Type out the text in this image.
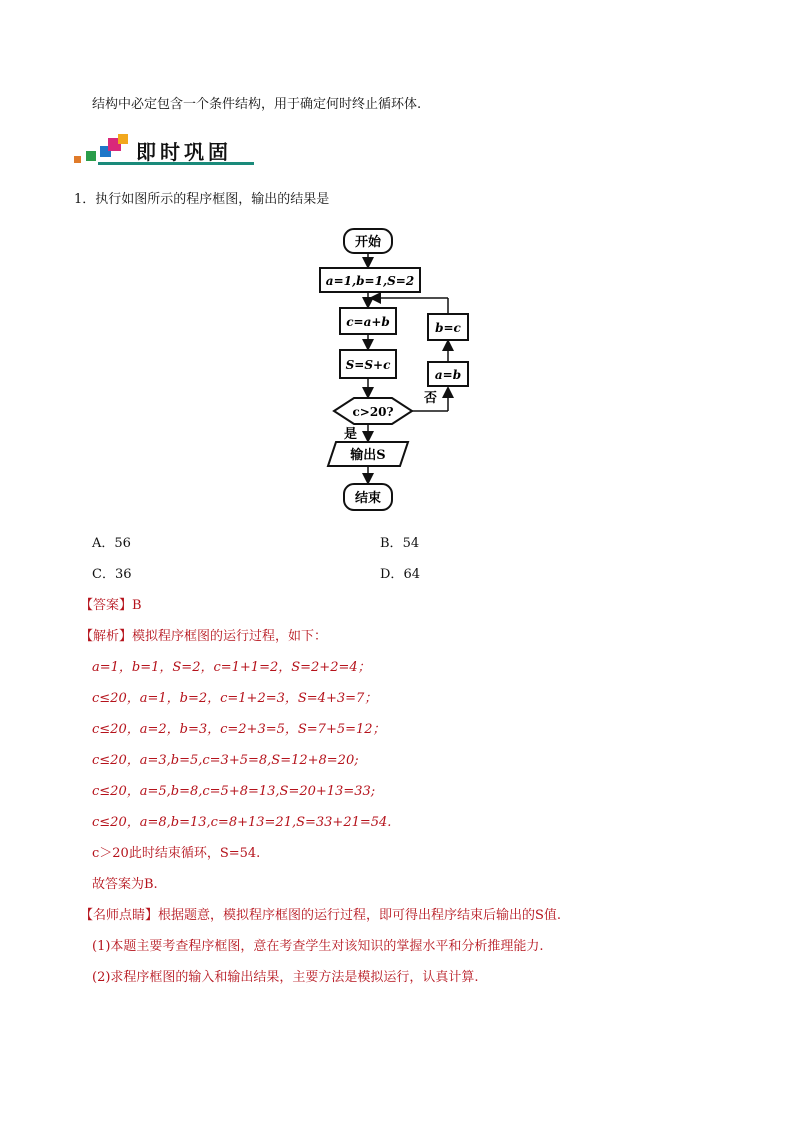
结构中必定包含一个条件结构，用于确定何时终止循环体.
即时巩固
1．执行如图所示的程序框图，输出的结果是
开始
a=1,b=1,S=2
c=a+b
S=S+c
c>20?
是
输出S
结束
否
a=b
b=c
A．56	B．54
C．36	D．64
【答案】B
【解析】模拟程序框图的运行过程，如下：
a=1，b=1，S=2，c=1+1=2，S=2+2=4；
c≤20，a=1，b=2，c=1+2=3，S=4+3=7；
c≤20，a=2，b=3，c=2+3=5，S=7+5=12；
c≤20，a=3,b=5,c=3+5=8,S=12+8=20;
c≤20，a=5,b=8,c=5+8=13,S=20+13=33;
c≤20，a=8,b=13,c=8+13=21,S=33+21=54.
c＞20此时结束循环，S=54.
故答案为B.
【名师点睛】根据题意，模拟程序框图的运行过程，即可得出程序结束后输出的S值.
(1)本题主要考查程序框图，意在考查学生对该知识的掌握水平和分析推理能力.
(2)求程序框图的输入和输出结果，主要方法是模拟运行，认真计算.
